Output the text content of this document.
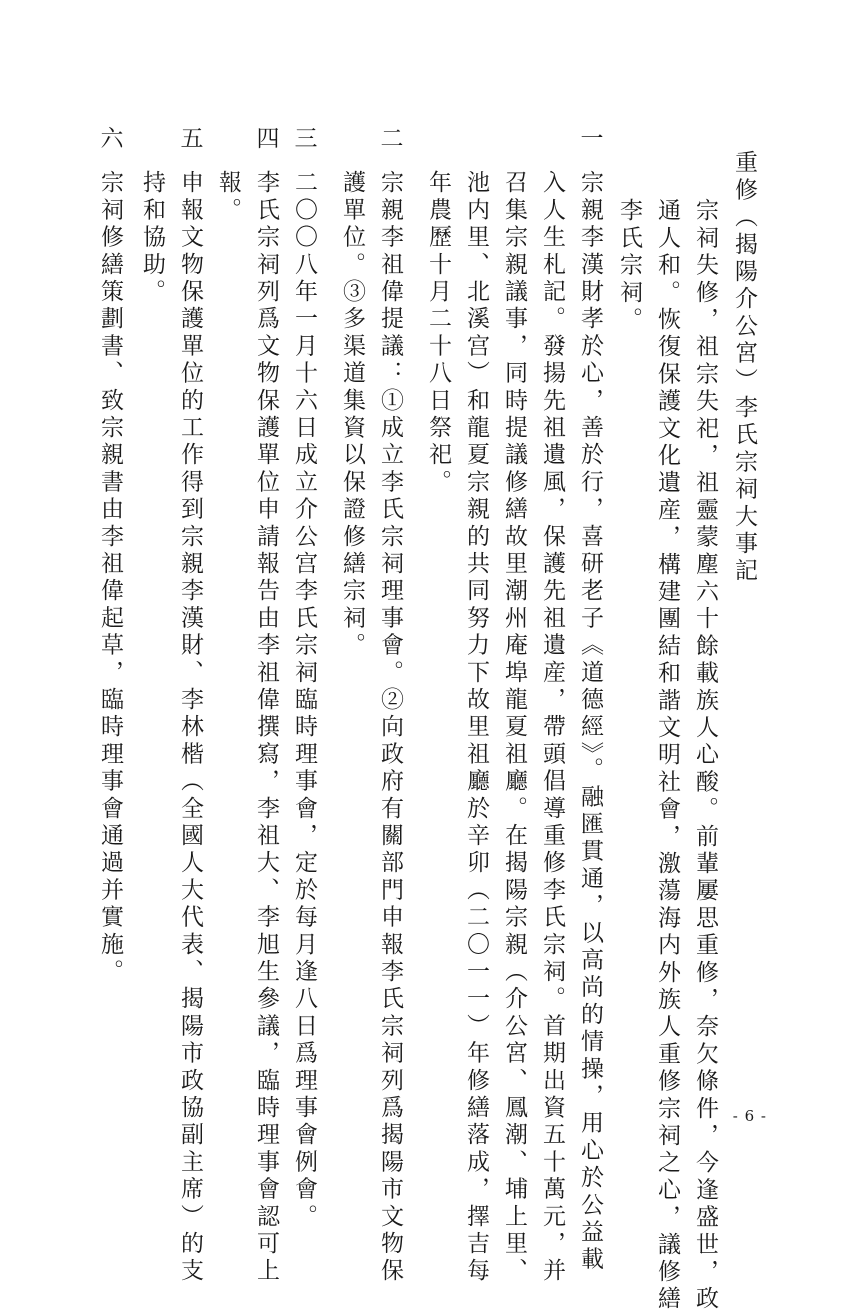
重修（揭陽介公宮）李氏宗祠大事記
宗祠失修，祖宗失祀，祖靈蒙塵六十餘載族人心酸。前輩屢思重修，奈欠條件，今逢盛世，政
通人和。恢復保護文化遺産，構建團結和諧文明社會，激蕩海内外族人重修宗祠之心，議修繕
李氏宗祠。
一
宗親李漢財孝於心，善於行，喜研老子《道德經》。融匯貫通，以高尚的情操，用心於公益載
入人生札記。發揚先祖遺風，保護先祖遺産，帶頭倡導重修李氏宗祠。首期出資五十萬元，并
召集宗親議事，同時提議修繕故里潮州庵埠龍夏祖廳。在揭陽宗親（介公宮、鳳潮、埔上里、
池内里、北溪宫）和龍夏宗親的共同努力下故里祖廳於辛卯（二〇一一）年修繕落成，擇吉每
年農歷十月二十八日祭祀。
二
宗親李祖偉提議：①成立李氏宗祠理事會。②向政府有關部門申報李氏宗祠列爲揭陽市文物保
護單位。③多渠道集資以保證修繕宗祠。
三
二〇〇八年一月十六日成立介公宫李氏宗祠臨時理事會，定於每月逢八日爲理事會例會。
四
李氏宗祠列爲文物保護單位申請報告由李祖偉撰寫，李祖大、李旭生參議，臨時理事會認可上
報。
五
申報文物保護單位的工作得到宗親李漢財、李林楷（全國人大代表、揭陽市政協副主席）的支
持和協助。
六
宗祠修繕策劃書、致宗親書由李祖偉起草，臨時理事會通過并實施。
- 6 -
